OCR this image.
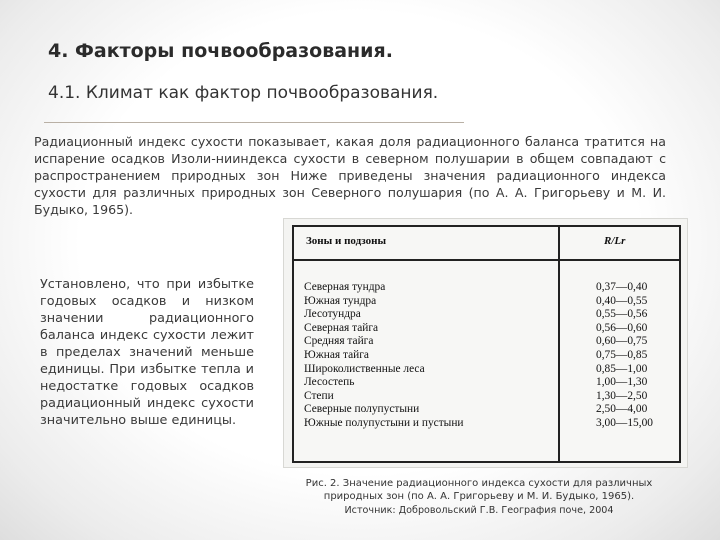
4. Факторы почвообразования.
4.1. Климат как фактор почвообразования.
Радиационный индекс сухости показывает, какая доля радиационного баланса тратится на испарение осадков Изоли-нииндекса сухости в северном полушарии в общем совпадают с распространением природных зон Ниже приведены значения радиационного индекса сухости для различных природных зон Северного полушария (по А. А. Григорьеву и М. И. Будыко, 1965).
Установлено, что при избытке годовых осадков и низком значении радиационного баланса индекс сухости лежит в пределах значений меньше единицы. При избытке тепла и недостатке годовых осадков радиационный индекс сухости значительно выше единицы.
Зоны и подзоны	R/Lr
Северная тундра	0,37—0,40
Южная тундра	0,40—0,55
Лесотундра	0,55—0,56
Северная тайга	0,56—0,60
Средняя тайга	0,60—0,75
Южная тайга	0,75—0,85
Широколиственные леса	0,85—1,00
Лесостепь	1,00—1,30
Степи	1,30—2,50
Северные полупустыни	2,50—4,00
Южные полупустыни и пустыни	3,00—15,00
Рис. 2. Значение радиационного индекса сухости для различных природных зон (по А. А. Григорьеву и М. И. Будыко, 1965).
Источник: Добровольский Г.В. География поче, 2004
